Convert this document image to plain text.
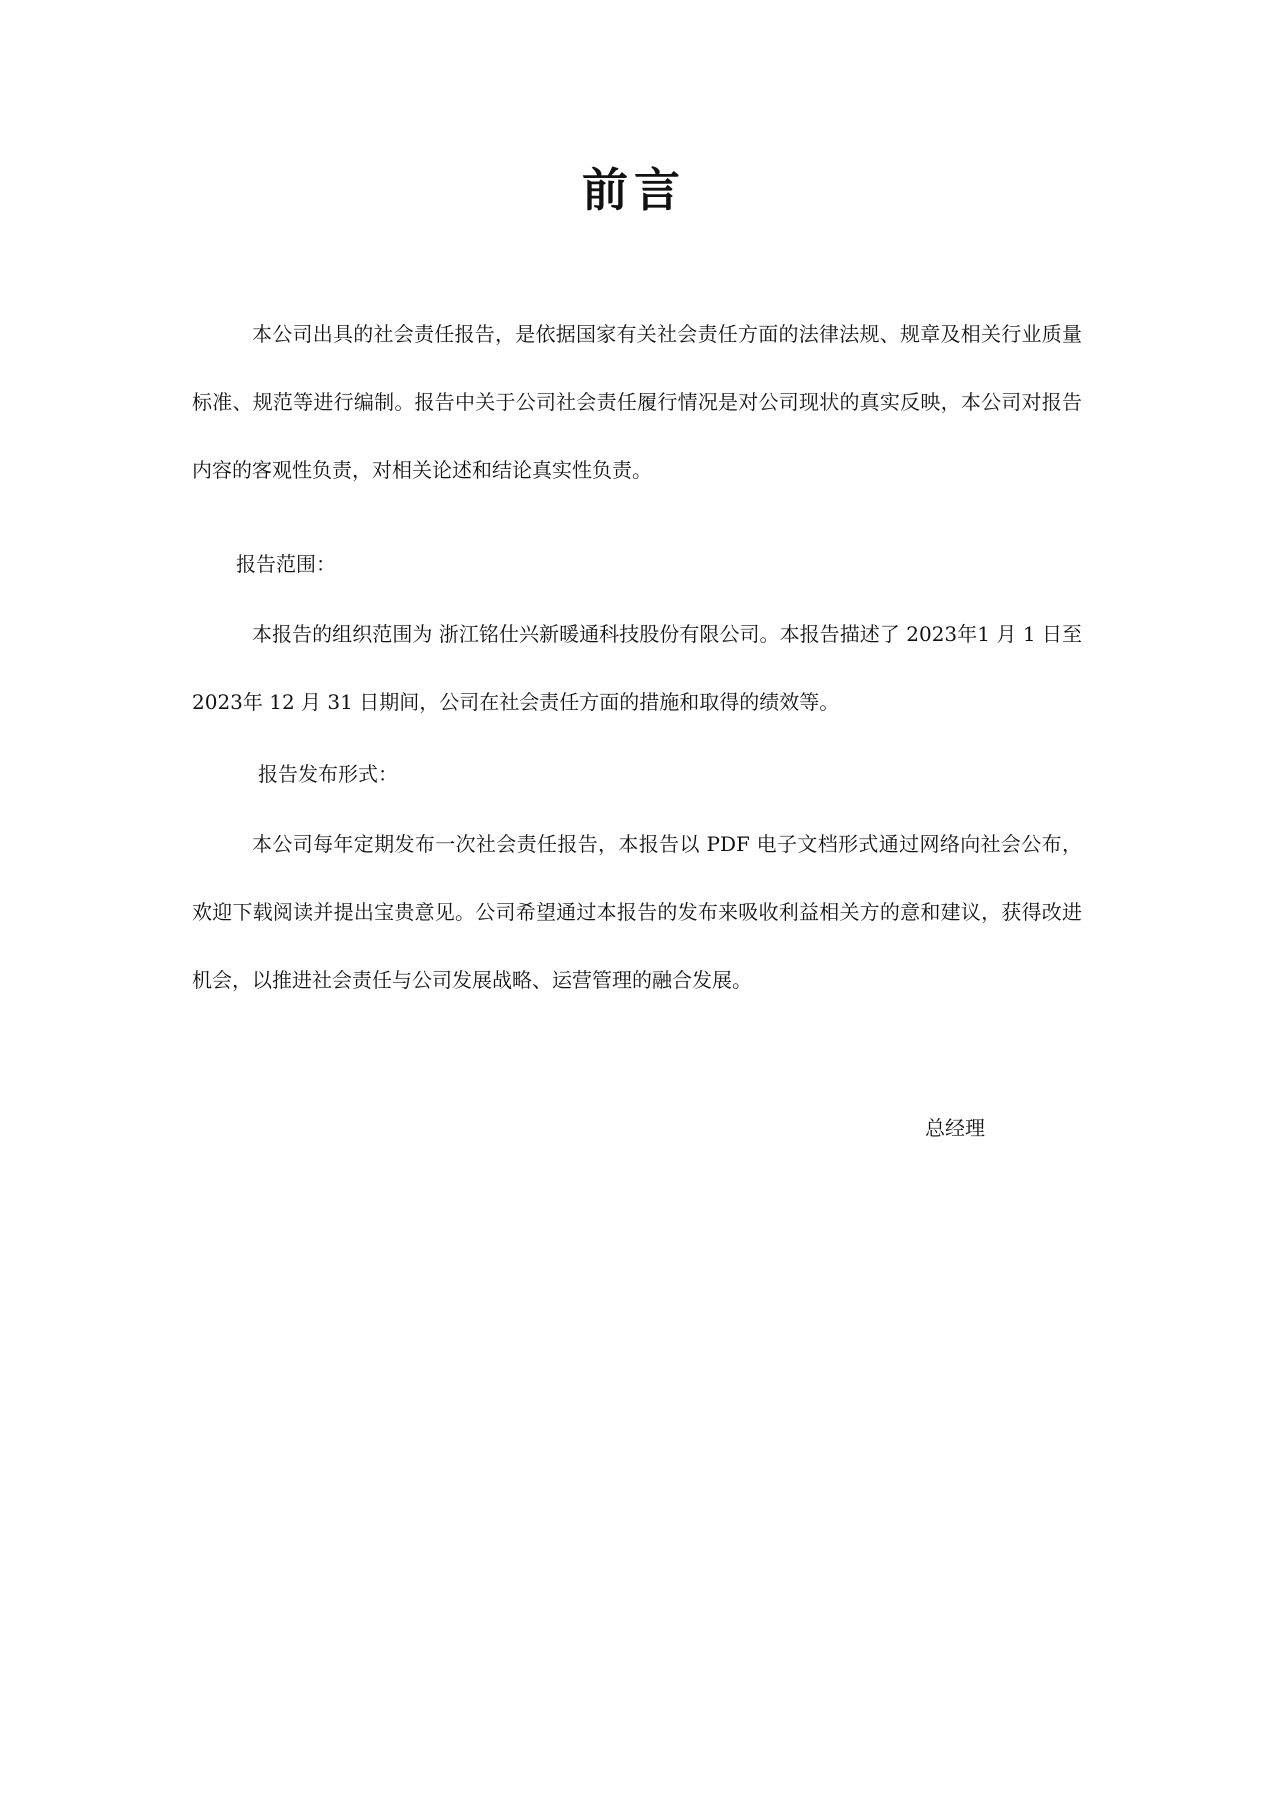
前言
本公司出具的社会责任报告，是依据国家有关社会责任方面的法律法规、规章及相关行业质量标准、规范等进行编制。报告中关于公司社会责任履行情况是对公司现状的真实反映，本公司对报告内容的客观性负责，对相关论述和结论真实性负责。
报告范围：
本报告的组织范围为 浙江铭仕兴新暖通科技股份有限公司。本报告描述了 2023年1 月 1 日至 2023年 12 月 31 日期间，公司在社会责任方面的措施和取得的绩效等。
报告发布形式：
本公司每年定期发布一次社会责任报告，本报告以 PDF 电子文档形式通过网络向社会公布，欢迎下载阅读并提出宝贵意见。公司希望通过本报告的发布来吸收利益相关方的意和建议，获得改进机会，以推进社会责任与公司发展战略、运营管理的融合发展。
总经理
